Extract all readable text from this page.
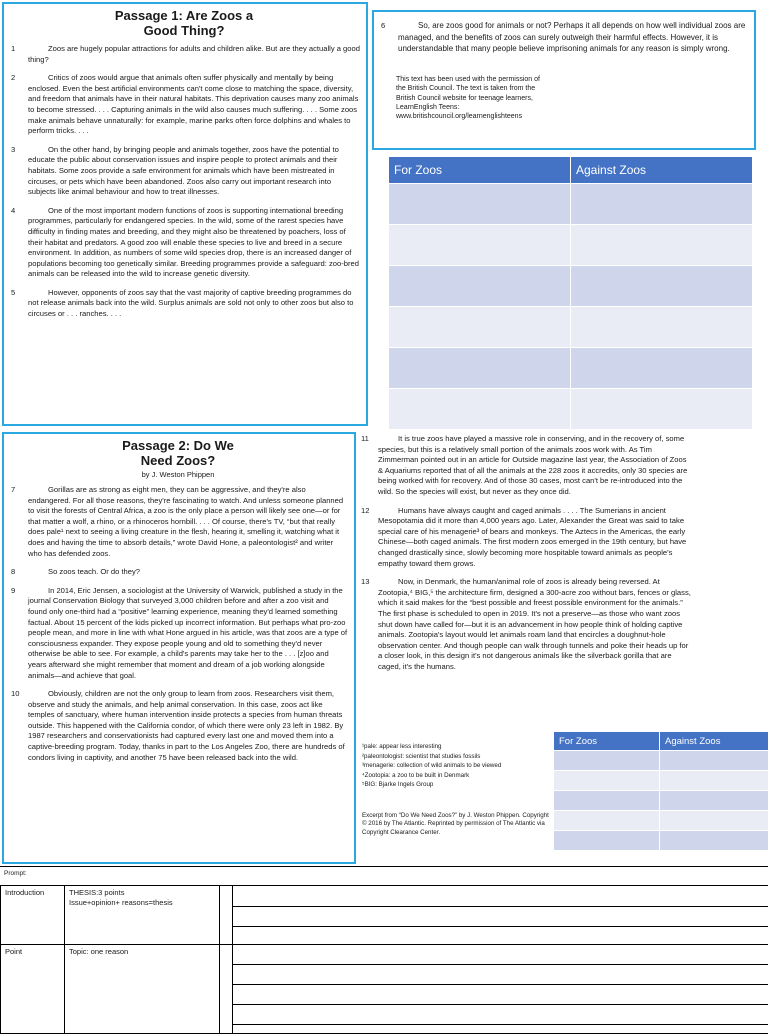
Passage 1: Are Zoos a Good Thing?
1	Zoos are hugely popular attractions for adults and children alike. But are they actually a good thing?
2	Critics of zoos would argue that animals often suffer physically and mentally by being enclosed. Even the best artificial environments can't come close to matching the space, diversity, and freedom that animals have in their natural habitats. This deprivation causes many zoo animals to become stressed. . . . Capturing animals in the wild also causes much suffering. . . . Some zoos make animals behave unnaturally: for example, marine parks often force dolphins and whales to perform tricks. . . .
3	On the other hand, by bringing people and animals together, zoos have the potential to educate the public about conservation issues and inspire people to protect animals and their habitats. Some zoos provide a safe environment for animals which have been mistreated in circuses, or pets which have been abandoned. Zoos also carry out important research into subjects like animal behaviour and how to treat illnesses.
4	One of the most important modern functions of zoos is supporting international breeding programmes, particularly for endangered species. In the wild, some of the rarest species have difficulty in finding mates and breeding, and they might also be threatened by poachers, loss of their habitat and predators. A good zoo will enable these species to live and breed in a secure environment. In addition, as numbers of some wild species drop, there is an increased danger of populations becoming too genetically similar. Breeding programmes provide a safeguard: zoo-bred animals can be released into the wild to increase genetic diversity.
5	However, opponents of zoos say that the vast majority of captive breeding programmes do not release animals back into the wild. Surplus animals are sold not only to other zoos but also to circuses or . . . ranches. . . .
6	So, are zoos good for animals or not? Perhaps it all depends on how well individual zoos are managed, and the benefits of zoos can surely outweigh their harmful effects. However, it is understandable that many people believe imprisoning animals for any reason is simply wrong.
This text has been used with the permission of
the British Council. The text is taken from the
British Council website for teenage learners,
LearnEnglish Teens:
www.britishcouncil.org/learnenglishteens
For Zoos	Against Zoos

Passage 2: Do We Need Zoos?
by J. Weston Phippen
7	Gorillas are as strong as eight men, they can be aggressive, and they're also endangered. For all those reasons, they're fascinating to watch. And unless someone planned to visit the forests of Central Africa, a zoo is the only place a person will likely see one—or for that matter a wolf, a rhino, or a rhinoceros hornbill. . . . Of course, there's TV, “but that really does pale¹ next to seeing a living creature in the flesh, hearing it, smelling it, watching what it does and having the time to absorb details,” wrote David Hone, a paleontologist² and writer who has defended zoos.
8	So zoos teach. Or do they?
9	In 2014, Eric Jensen, a sociologist at the University of Warwick, published a study in the journal Conservation Biology that surveyed 3,000 children before and after a zoo visit and found only one-third had a “positive” learning experience, meaning they'd learned something factual. About 15 percent of the kids picked up incorrect information. But perhaps what pro-zoo people mean, and more in line with what Hone argued in his article, was that zoos are a type of consciousness expander. They expose people young and old to something they'd never otherwise be able to see. For example, a child's parents may take her to the . . . [z]oo and years afterward she might remember that moment and dream of a job working alongside animals—and achieve that goal.
10	Obviously, children are not the only group to learn from zoos. Researchers visit them, observe and study the animals, and help animal conservation. In this case, zoos act like temples of sanctuary, where human intervention inside protects a species from human threats outside. This happened with the California condor, of which there were only 23 left in 1982. By 1987 researchers and conservationists had captured every last one and moved them into a captive-breeding program. Today, thanks in part to the Los Angeles Zoo, there are hundreds of condors living in captivity, and another 75 have been released back into the wild.
11	It is true zoos have played a massive role in conserving, and in the recovery of, some species, but this is a relatively small portion of the animals zoos work with. As Tim Zimmerman pointed out in an article for Outside magazine last year, the Association of Zoos & Aquariums reported that of all the animals at the 228 zoos it accredits, only 30 species are being worked with for recovery. And of those 30 cases, most can't be re-introduced into the wild. So the species will exist, but never as they once did.
12	Humans have always caught and caged animals . . . . The Sumerians in ancient Mesopotamia did it more than 4,000 years ago. Later, Alexander the Great was said to take special care of his menagerie³ of bears and monkeys. The Aztecs in the Americas, the early Chinese—both caged animals. The first modern zoos emerged in the 19th century, but have changed drastically since, slowly becoming more hospitable toward animals as people's empathy toward them grows.
13	Now, in Denmark, the human/animal role of zoos is already being reversed. At Zootopia,⁴ BIG,⁵ the architecture firm, designed a 300-acre zoo without bars, fences or glass, which it said makes for the “best possible and freest possible environment for the animals.” The first phase is scheduled to open in 2019. It's not a preserve—as those who want zoos shut down have called for—but it is an advancement in how people think of holding captive animals. Zootopia's layout would let animals roam land that encircles a doughnut-hole observation center. And though people can walk through tunnels and poke their heads up for a closer look, in this design it's not dangerous animals like the silverback gorilla that are caged, it's the humans.
¹pale: appear less interesting
²paleontologist: scientist that studies fossils
³menagerie: collection of wild animals to be viewed
⁴Zootopia: a zoo to be built in Denmark
⁵BIG: Bjarke Ingels Group
Excerpt from “Do We Need Zoos?” by J. Weston Phippen. Copyright © 2016 by The Atlantic. Reprinted by permission of The Atlantic via Copyright Clearance Center.
For Zoos	Against Zoos

Prompt:
Introduction	THESIS:3 points
Issue+opinion+ reasons=thesis
Point	Topic: one reason
